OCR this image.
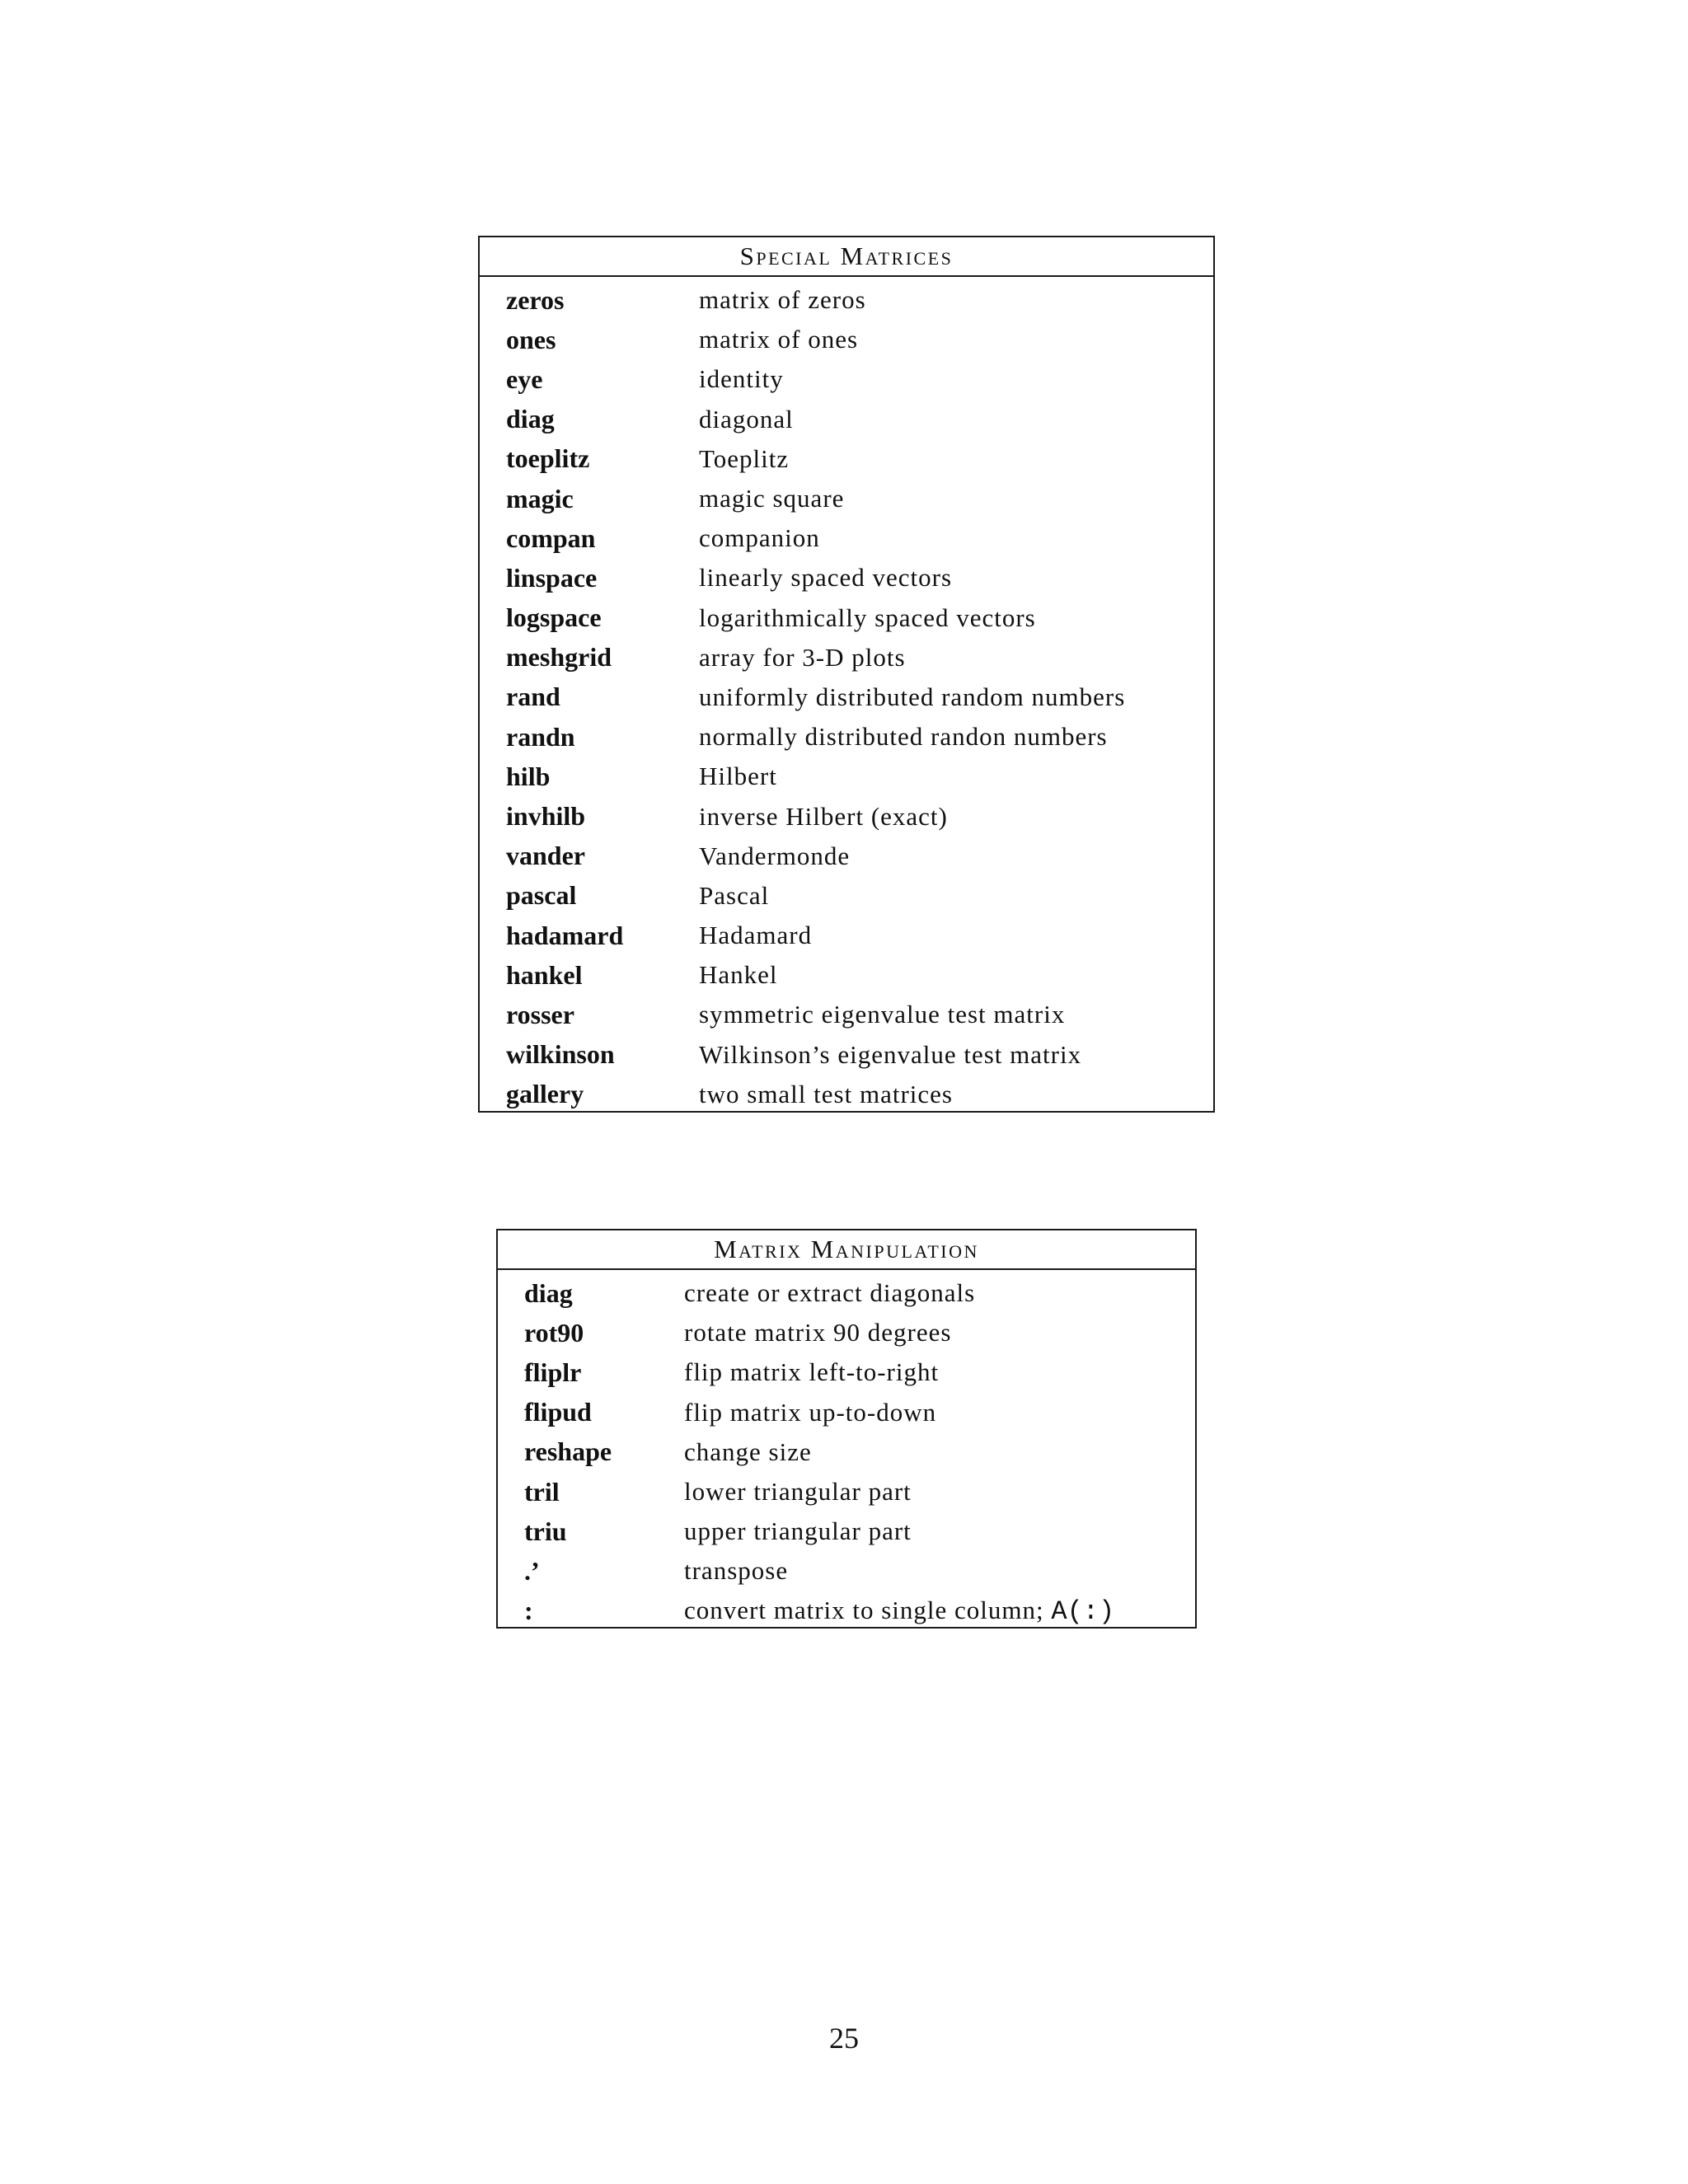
Special Matrices
zeros	matrix of zeros
ones	matrix of ones
eye	identity
diag	diagonal
toeplitz	Toeplitz
magic	magic square
compan	companion
linspace	linearly spaced vectors
logspace	logarithmically spaced vectors
meshgrid	array for 3-D plots
rand	uniformly distributed random numbers
randn	normally distributed randon numbers
hilb	Hilbert
invhilb	inverse Hilbert (exact)
vander	Vandermonde
pascal	Pascal
hadamard	Hadamard
hankel	Hankel
rosser	symmetric eigenvalue test matrix
wilkinson	Wilkinson’s eigenvalue test matrix
gallery	two small test matrices
Matrix Manipulation
diag	create or extract diagonals
rot90	rotate matrix 90 degrees
fliplr	flip matrix left-to-right
flipud	flip matrix up-to-down
reshape	change size
tril	lower triangular part
triu	upper triangular part
.’	transpose
:	convert matrix to single column; A(:)
25
